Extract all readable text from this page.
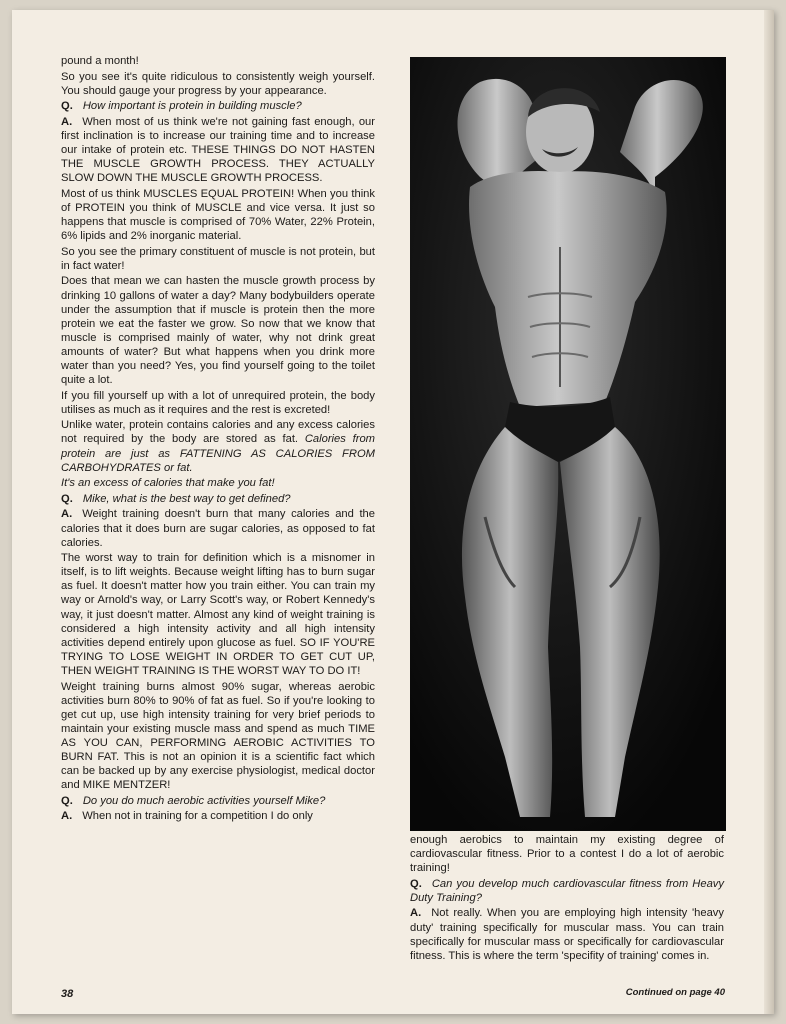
pound a month!

So you see it's quite ridiculous to consistently weigh yourself. You should gauge your progress by your appearance.

Q. How important is protein in building muscle?

A. When most of us think we're not gaining fast enough, our first inclination is to increase our training time and to increase our intake of protein etc. THESE THINGS DO NOT HASTEN THE MUSCLE GROWTH PROCESS. THEY ACTUALLY SLOW DOWN THE MUSCLE GROWTH PROCESS.

Most of us think MUSCLES EQUAL PROTEIN! When you think of PROTEIN you think of MUSCLE and vice versa. It just so happens that muscle is comprised of 70% Water, 22% Protein, 6% lipids and 2% inorganic material.

So you see the primary constituent of muscle is not protein, but in fact water!

Does that mean we can hasten the muscle growth process by drinking 10 gallons of water a day? Many bodybuilders operate under the assumption that if muscle is protein then the more protein we eat the faster we grow. So now that we know that muscle is comprised mainly of water, why not drink great amounts of water? But what happens when you drink more water than you need? Yes, you find yourself going to the toilet quite a lot.

If you fill yourself up with a lot of unrequired protein, the body utilises as much as it requires and the rest is excreted!

Unlike water, protein contains calories and any excess calories not required by the body are stored as fat. Calories from protein are just as FATTENING AS CALORIES FROM CARBOHYDRATES or fat.

It's an excess of calories that make you fat!

Q. Mike, what is the best way to get defined?

A. Weight training doesn't burn that many calories and the calories that it does burn are sugar calories, as opposed to fat calories.

The worst way to train for definition which is a misnomer in itself, is to lift weights. Because weight lifting has to burn sugar as fuel. It doesn't matter how you train either. You can train my way or Arnold's way, or Larry Scott's way, or Robert Kennedy's way, it just doesn't matter. Almost any kind of weight training is considered a high intensity activity and all high intensity activities depend entirely upon glucose as fuel. SO IF YOU'RE TRYING TO LOSE WEIGHT IN ORDER TO GET CUT UP, THEN WEIGHT TRAINING IS THE WORST WAY TO DO IT!

Weight training burns almost 90% sugar, whereas aerobic activities burn 80% to 90% of fat as fuel. So if you're looking to get cut up, use high intensity training for very brief periods to maintain your existing muscle mass and spend as much TIME AS YOU CAN, PERFORMING AEROBIC ACTIVITIES TO BURN FAT. This is not an opinion it is a scientific fact which can be backed up by any exercise physiologist, medical doctor and MIKE MENTZER!

Q. Do you do much aerobic activities yourself Mike?

A. When not in training for a competition I do only

enough aerobics to maintain my existing degree of cardiovascular fitness. Prior to a contest I do a lot of aerobic training!

Q. Can you develop much cardiovascular fitness from Heavy Duty Training?

A. Not really. When you are employing high intensity 'heavy duty' training specifically for muscular mass. You can train specifically for muscular mass or specifically for cardiovascular fitness. This is where the term 'specifity of training' comes in.

38	Continued on page 40
